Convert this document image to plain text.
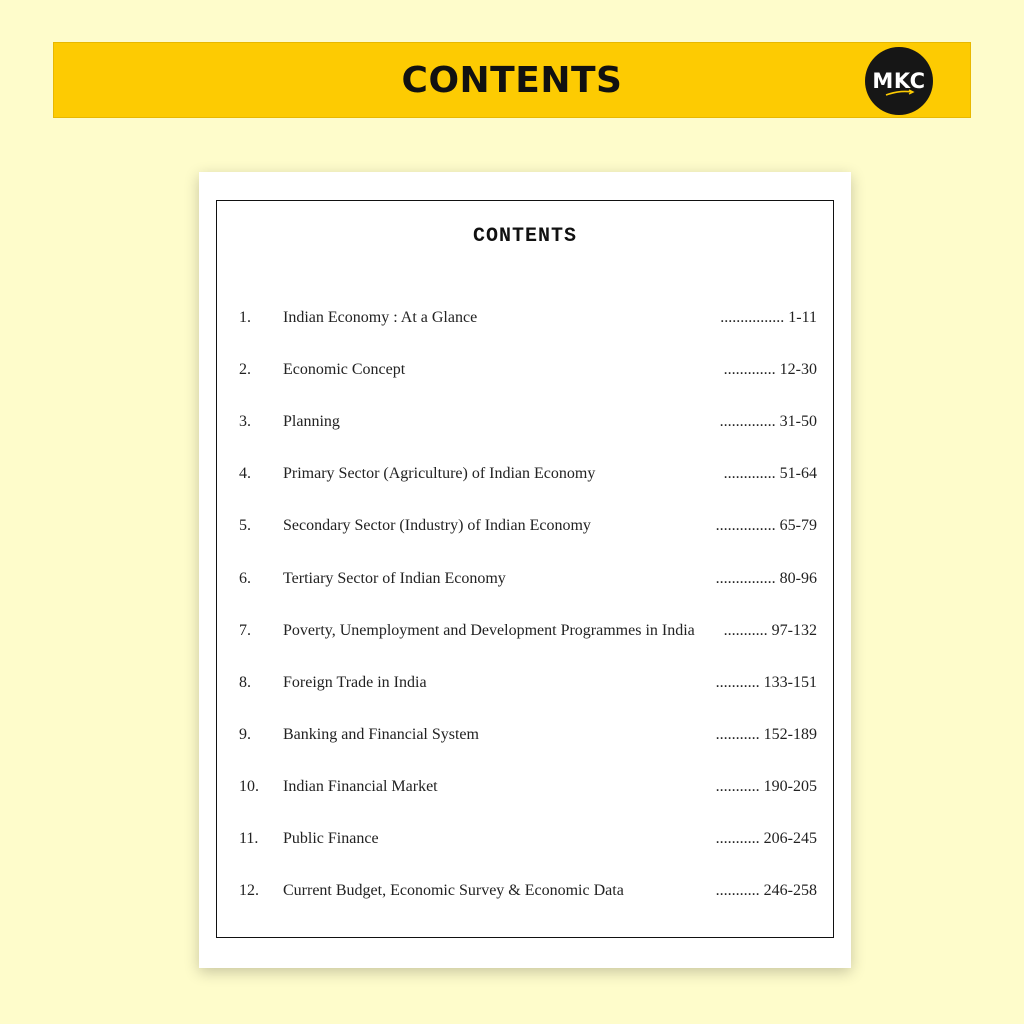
CONTENTS	MKC
CONTENTS
1. Indian Economy : At a Glance	................ 1-11
2. Economic Concept	............. 12-30
3. Planning	.............. 31-50
4. Primary Sector (Agriculture) of Indian Economy	............. 51-64
5. Secondary Sector (Industry) of Indian Economy	............... 65-79
6. Tertiary Sector of Indian Economy	............... 80-96
7. Poverty, Unemployment and Development Programmes in India ........... 97-132
8. Foreign Trade in India	........... 133-151
9. Banking and Financial System	........... 152-189
10. Indian Financial Market	........... 190-205
11. Public Finance	........... 206-245
12. Current Budget, Economic Survey & Economic Data	........... 246-258
